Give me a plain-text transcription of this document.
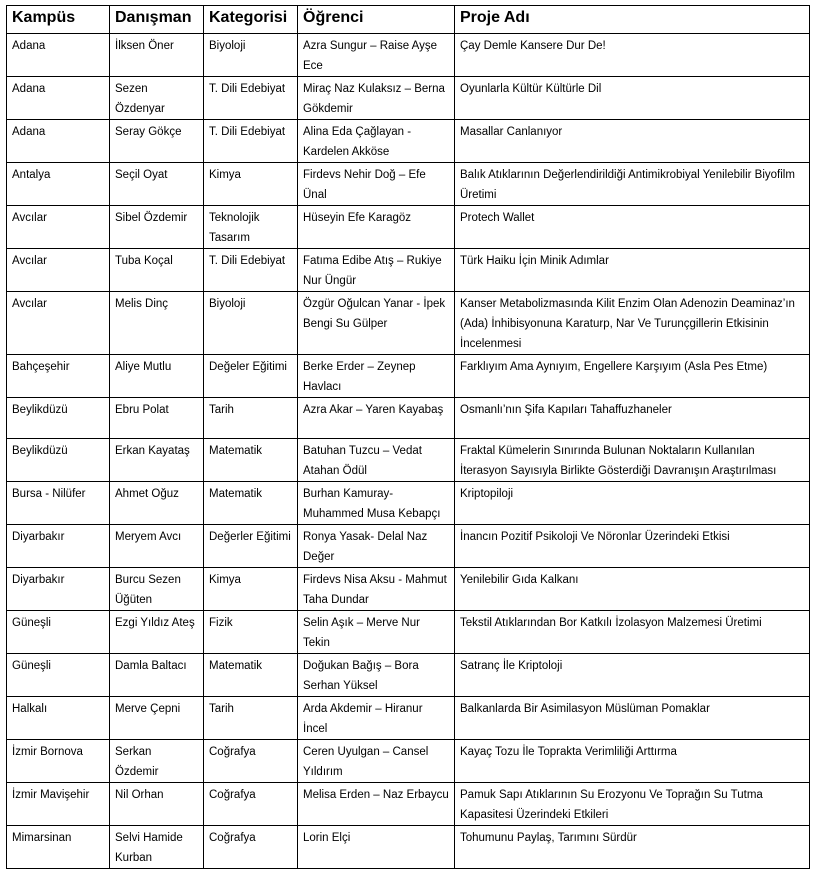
Kampüs	Danışman	Kategorisi	Öğrenci	Proje Adı
Adana	İlksen Öner	Biyoloji	Azra Sungur – Raise Ayşe Ece	Çay Demle Kansere Dur De!
Adana	Sezen Özdenyar	T. Dili Edebiyat	Miraç Naz Kulaksız – Berna Gökdemir	Oyunlarla Kültür Kültürle Dil
Adana	Seray Gökçe	T. Dili Edebiyat	Alina Eda Çağlayan - Kardelen Akköse	Masallar Canlanıyor
Antalya	Seçil Oyat	Kimya	Firdevs Nehir Doğ – Efe Ünal	Balık Atıklarının Değerlendirildiği Antimikrobiyal Yenilebilir Biyofilm Üretimi
Avcılar	Sibel Özdemir	Teknolojik Tasarım	Hüseyin Efe Karagöz	Protech Wallet
Avcılar	Tuba Koçal	T. Dili Edebiyat	Fatıma Edibe Atış – Rukiye Nur Üngür	Türk Haiku İçin Minik Adımlar
Avcılar	Melis Dinç	Biyoloji	Özgür Oğulcan Yanar - İpek Bengi Su Gülper	Kanser Metabolizmasında Kilit Enzim Olan Adenozin Deaminaz’ın (Ada) İnhibisyonuna Karaturp, Nar Ve Turunçgillerin Etkisinin İncelenmesi
Bahçeşehir	Aliye Mutlu	Değeler Eğitimi	Berke Erder – Zeynep Havlacı	Farklıyım Ama Aynıyım, Engellere Karşıyım (Asla Pes Etme)
Beylikdüzü	Ebru Polat	Tarih	Azra Akar – Yaren Kayabaş	Osmanlı’nın Şifa Kapıları Tahaffuzhaneler
Beylikdüzü	Erkan Kayataş	Matematik	Batuhan Tuzcu – Vedat Atahan Ödül	Fraktal Kümelerin Sınırında Bulunan Noktaların Kullanılan İterasyon Sayısıyla Birlikte Gösterdiği Davranışın Araştırılması
Bursa - Nilüfer	Ahmet Oğuz	Matematik	Burhan Kamuray- Muhammed Musa Kebapçı	Kriptopiloji
Diyarbakır	Meryem Avcı	Değerler Eğitimi	Ronya Yasak- Delal Naz Değer	İnancın Pozitif Psikoloji Ve Nöronlar Üzerindeki Etkisi
Diyarbakır	Burcu Sezen Üğüten	Kimya	Firdevs Nisa Aksu - Mahmut Taha Dundar	Yenilebilir Gıda Kalkanı
Güneşli	Ezgi Yıldız Ateş	Fizik	Selin Aşık – Merve Nur Tekin	Tekstil Atıklarından Bor Katkılı İzolasyon Malzemesi Üretimi
Güneşli	Damla Baltacı	Matematik	Doğukan Bağış – Bora Serhan Yüksel	Satranç İle Kriptoloji
Halkalı	Merve Çepni	Tarih	Arda Akdemir – Hiranur İncel	Balkanlarda Bir Asimilasyon Müslüman Pomaklar
İzmir Bornova	Serkan Özdemir	Coğrafya	Ceren Uyulgan – Cansel Yıldırım	Kayaç Tozu İle Toprakta Verimliliği Arttırma
İzmir Mavişehir	Nil Orhan	Coğrafya	Melisa Erden – Naz Erbaycu	Pamuk Sapı Atıklarının Su Erozyonu Ve Toprağın Su Tutma Kapasitesi Üzerindeki Etkileri
Mimarsinan	Selvi Hamide Kurban	Coğrafya	Lorin Elçi	Tohumunu Paylaş, Tarımını Sürdür
